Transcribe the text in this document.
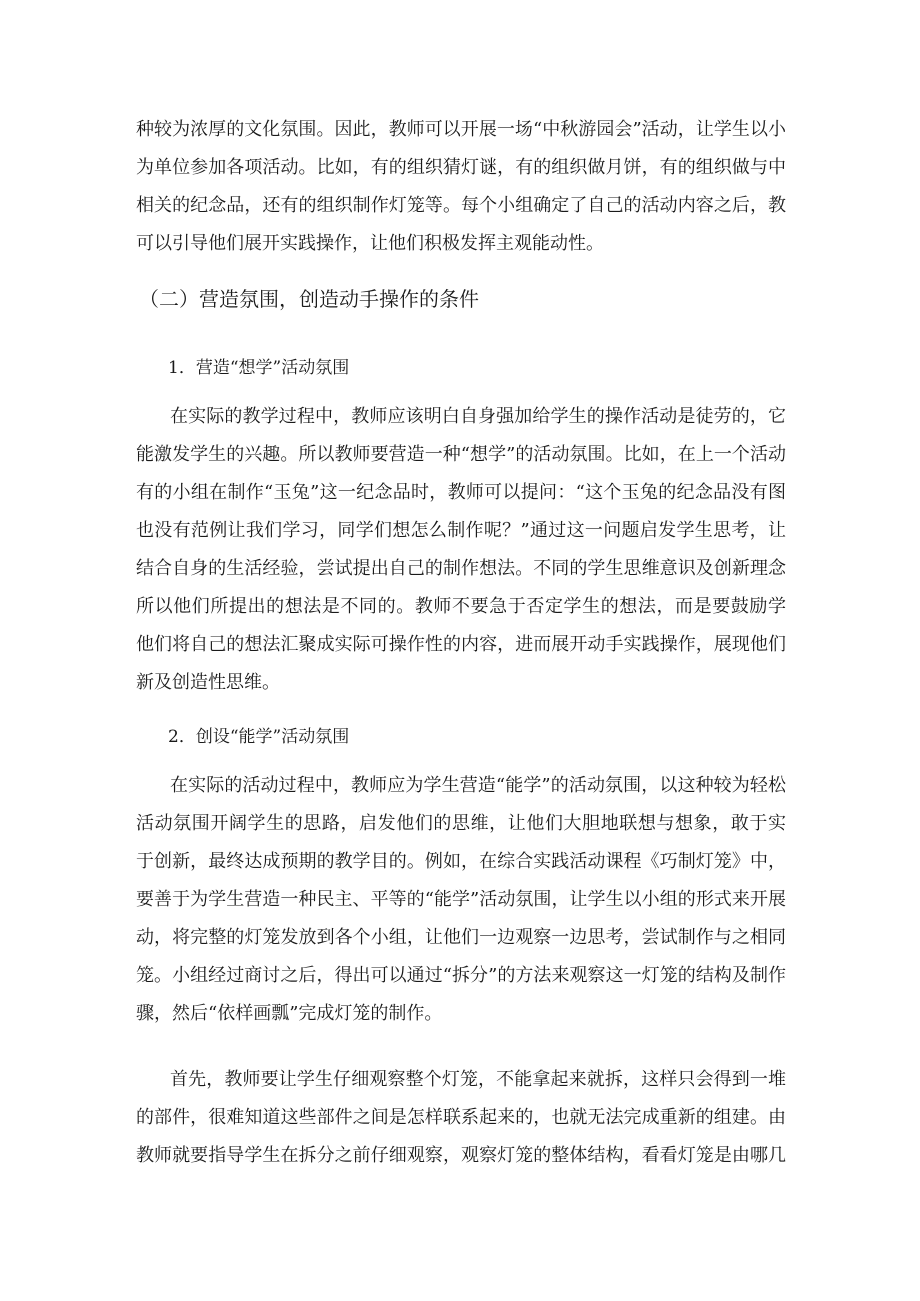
种较为浓厚的文化氛围。因此，教师可以开展一场“中秋游园会”活动，让学生以小
为单位参加各项活动。比如，有的组织猜灯谜，有的组织做月饼，有的组织做与中
相关的纪念品，还有的组织制作灯笼等。每个小组确定了自己的活动内容之后，教
可以引导他们展开实践操作，让他们积极发挥主观能动性。
（二）营造氛围，创造动手操作的条件
1．营造“想学”活动氛围
在实际的教学过程中，教师应该明白自身强加给学生的操作活动是徒劳的，它
能激发学生的兴趣。所以教师要营造一种“想学”的活动氛围。比如，在上一个活动
有的小组在制作“玉兔”这一纪念品时，教师可以提问：“这个玉兔的纪念品没有图
也没有范例让我们学习，同学们想怎么制作呢？”通过这一问题启发学生思考，让
结合自身的生活经验，尝试提出自己的制作想法。不同的学生思维意识及创新理念
所以他们所提出的想法是不同的。教师不要急于否定学生的想法，而是要鼓励学
他们将自己的想法汇聚成实际可操作性的内容，进而展开动手实践操作，展现他们
新及创造性思维。
2．创设“能学”活动氛围
在实际的活动过程中，教师应为学生营造“能学”的活动氛围，以这种较为轻松
活动氛围开阔学生的思路，启发他们的思维，让他们大胆地联想与想象，敢于实
于创新，最终达成预期的教学目的。例如，在综合实践活动课程《巧制灯笼》中，
要善于为学生营造一种民主、平等的“能学”活动氛围，让学生以小组的形式来开展
动，将完整的灯笼发放到各个小组，让他们一边观察一边思考，尝试制作与之相同
笼。小组经过商讨之后，得出可以通过“拆分”的方法来观察这一灯笼的结构及制作
骤，然后“依样画瓢”完成灯笼的制作。
首先，教师要让学生仔细观察整个灯笼，不能拿起来就拆，这样只会得到一堆
的部件，很难知道这些部件之间是怎样联系起来的，也就无法完成重新的组建。由
教师就要指导学生在拆分之前仔细观察，观察灯笼的整体结构，看看灯笼是由哪几
